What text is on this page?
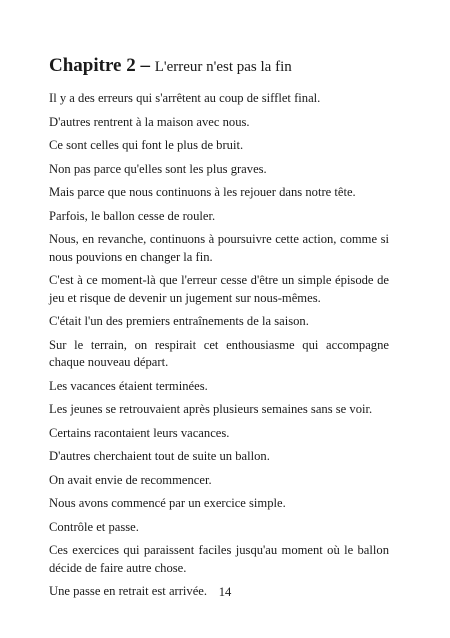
Chapitre 2 – L'erreur n'est pas la fin

Il y a des erreurs qui s'arrêtent au coup de sifflet final.

D'autres rentrent à la maison avec nous.

Ce sont celles qui font le plus de bruit.

Non pas parce qu'elles sont les plus graves.

Mais parce que nous continuons à les rejouer dans notre tête.

Parfois, le ballon cesse de rouler.

Nous, en revanche, continuons à poursuivre cette action, comme si nous pouvions en changer la fin.

C'est à ce moment-là que l'erreur cesse d'être un simple épisode de jeu et risque de devenir un jugement sur nous-mêmes.

C'était l'un des premiers entraînements de la saison.

Sur le terrain, on respirait cet enthousiasme qui accompagne chaque nouveau départ.

Les vacances étaient terminées.

Les jeunes se retrouvaient après plusieurs semaines sans se voir.

Certains racontaient leurs vacances.

D'autres cherchaient tout de suite un ballon.

On avait envie de recommencer.

Nous avons commencé par un exercice simple.

Contrôle et passe.

Ces exercices qui paraissent faciles jusqu'au moment où le ballon décide de faire autre chose.

Une passe en retrait est arrivée. 14
